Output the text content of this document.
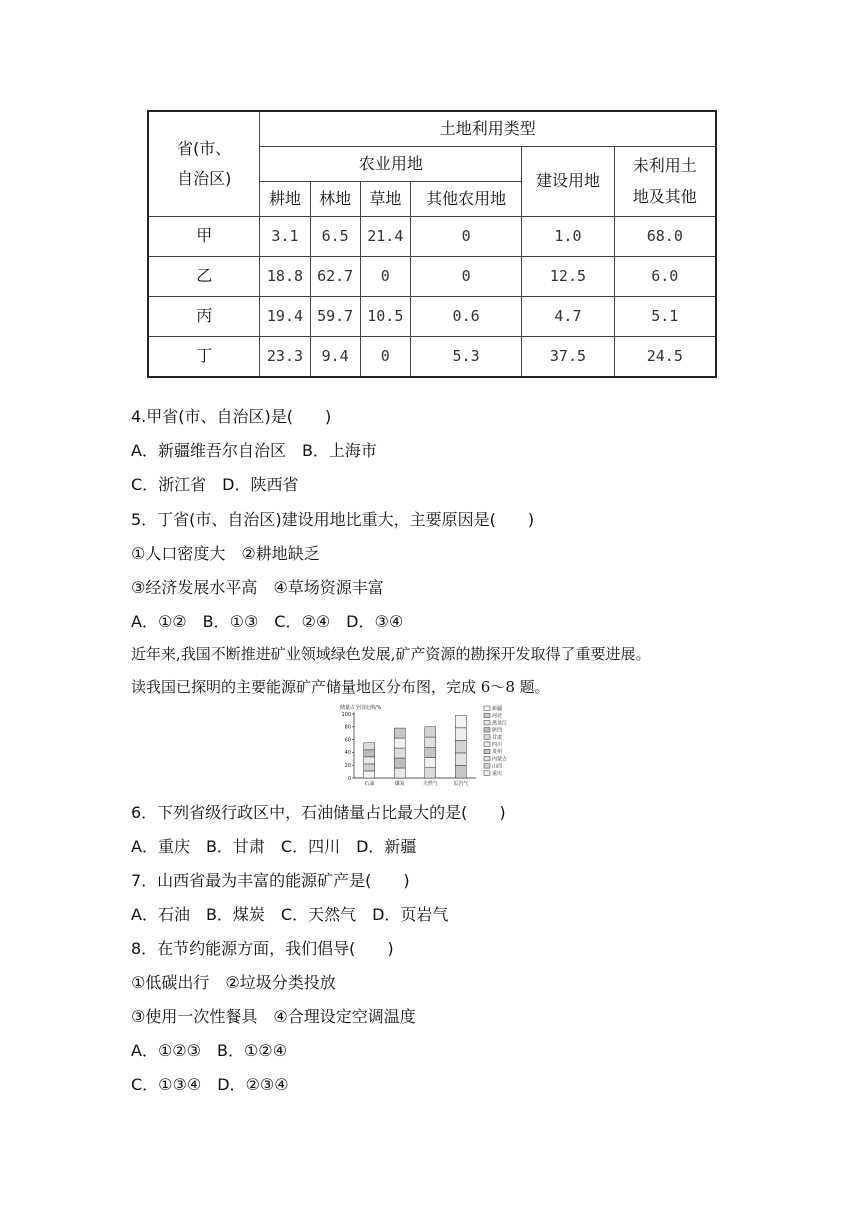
省(市、
自治区)	土地利用类型					
	农业用地				建设用地	未利用土
地及其他
	耕地	林地	草地	其他农用地		
甲	3.1	6.5	21.4	0	1.0	68.0
乙	18.8	62.7	0	0	12.5	6.0
丙	19.4	59.7	10.5	0.6	4.7	5.1
丁	23.3	9.4	0	5.3	37.5	24.5
4.甲省(市、自治区)是(　　)
A．新疆维吾尔自治区　B．上海市
C．浙江省　D．陕西省
5．丁省(市、自治区)建设用地比重大，主要原因是(　　)
①人口密度大　②耕地缺乏
③经济发展水平高　④草场资源丰富
A．①②　B．①③　C．②④　D．③④
近年来,我国不断推进矿业领域绿色发展,矿产资源的勘探开发取得了重要进展。
读我国已探明的主要能源矿产储量地区分布图，完成 6～8 题。
储量占全国比例/%
0
20
40
60
80
100
石油	煤炭	天然气	页岩气
新疆
河北
黑龙江
陕西
甘肃
四川
贵州
内蒙古
山西
重庆
6．下列省级行政区中，石油储量占比最大的是(　　)
A．重庆　B．甘肃　C．四川　D．新疆
7．山西省最为丰富的能源矿产是(　　)
A．石油　B．煤炭　C．天然气　D．页岩气
8．在节约能源方面，我们倡导(　　)
①低碳出行　②垃圾分类投放
③使用一次性餐具　④合理设定空调温度
A．①②③　B．①②④
C．①③④　D．②③④
